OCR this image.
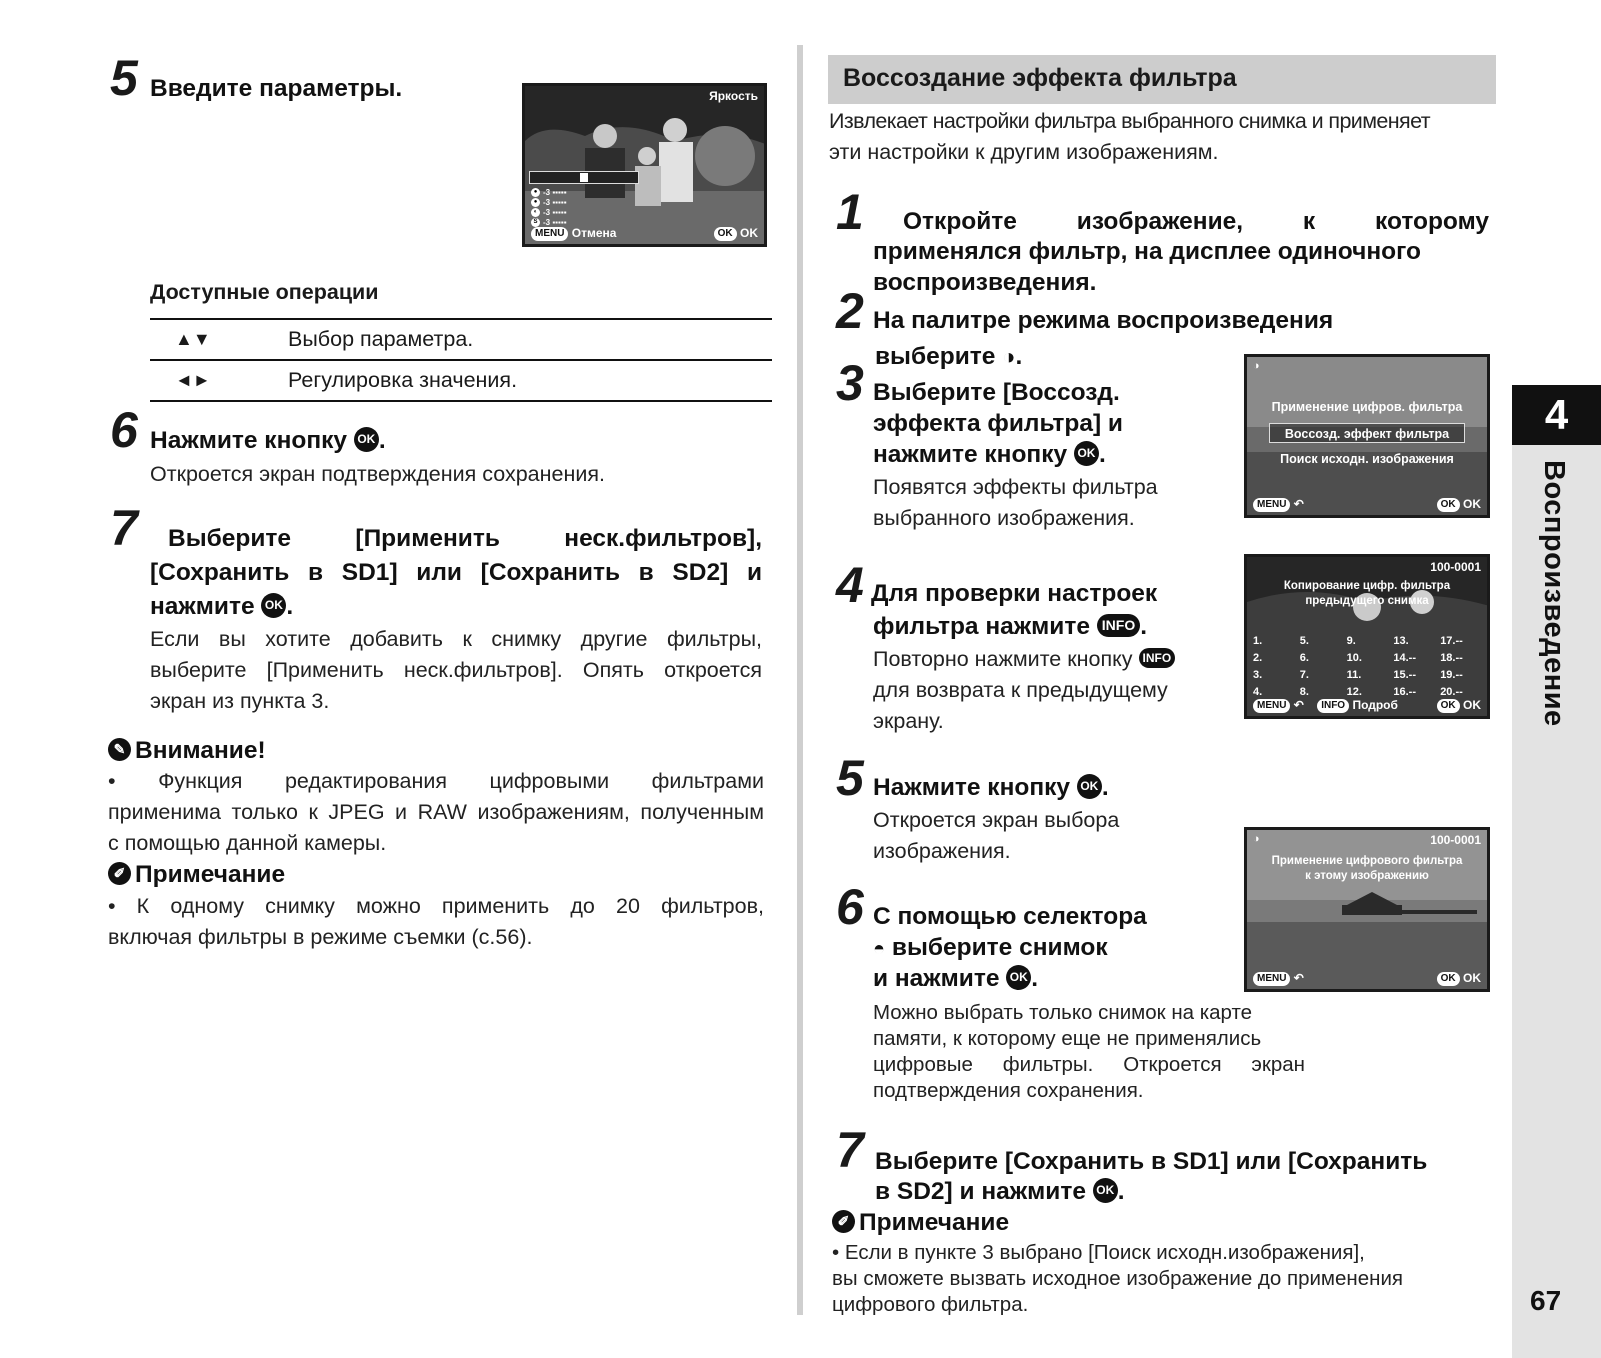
5 Введите параметры.	Яркость
● -3 ▪▪▪▪▪
● -3 ▪▪▪▪▪
◐ -3 ▪▪▪▪▪
S -3 ▪▪▪▪▪
MENU Отмена	OK OK
Доступные операции
▲▼	Выбор параметра.
◄►	Регулировка значения.
6 Нажмите кнопку OK .
Откроется экран подтверждения сохранения.
7 Выберите [Применить неск.фильтров],
[Сохранить в SD1] или [Сохранить в SD2] и
нажмите OK .
Если вы хотите добавить к снимку другие фильтры,
выберите [Применить неск.фильтров]. Опять откроется
экран из пункта 3.
✎ Внимание!
• Функция редактирования цифровыми фильтрами
применима только к JPEG и RAW изображениям, полученным
с помощью данной камеры.
✐ Примечание
• К одному снимку можно применить до 20 фильтров,
включая фильтры в режиме съемки (с.56).
Воссоздание эффекта фильтра
Извлекает настройки фильтра выбранного снимка и применяет
эти настройки к другим изображениям.
1 Откройте изображение, к которому
применялся фильтр, на дисплее одиночного
воспроизведения.
2 На палитре режима воспроизведения
выберите ◑.
3 Выберите [Воссозд.
эффекта фильтра] и
нажмите кнопку OK .
Появятся эффекты фильтра
выбранного изображения.
◑
Применение цифров. фильтра
Воссозд. эффект фильтра
Поиск исходн. изображения
MENU ↶	OK OK
4 Для проверки настроек
фильтра нажмите INFO .
Повторно нажмите кнопку INFO
для возврата к предыдущему
экрану.
100-0001
Копирование цифр. фильтра
предыдущего снимка
1.	5.	9.	13.	17.--
2.	6.	10.	14.--	18.--
3.	7.	11.	15.--	19.--
4.	8.	12.	16.--	20.--
MENU ↶ INFO Подроб	OK OK
5 Нажмите кнопку OK .
Откроется экран выбора
изображения.
6 С помощью селектора
◓ выберите снимок
и нажмите OK .
Можно выбрать только снимок на карте
памяти, к которому еще не применялись
цифровые фильтры. Откроется экран
подтверждения сохранения.
◑	100-0001
Применение цифрового фильтра
к этому изображению
MENU ↶	OK OK
7 Выберите [Сохранить в SD1] или [Сохранить
в SD2] и нажмите OK .
✐ Примечание
• Если в пункте 3 выбрано [Поиск исходн.изображения],
вы сможете вызвать исходное изображение до применения
цифрового фильтра.
4
Воспроизведение
67
